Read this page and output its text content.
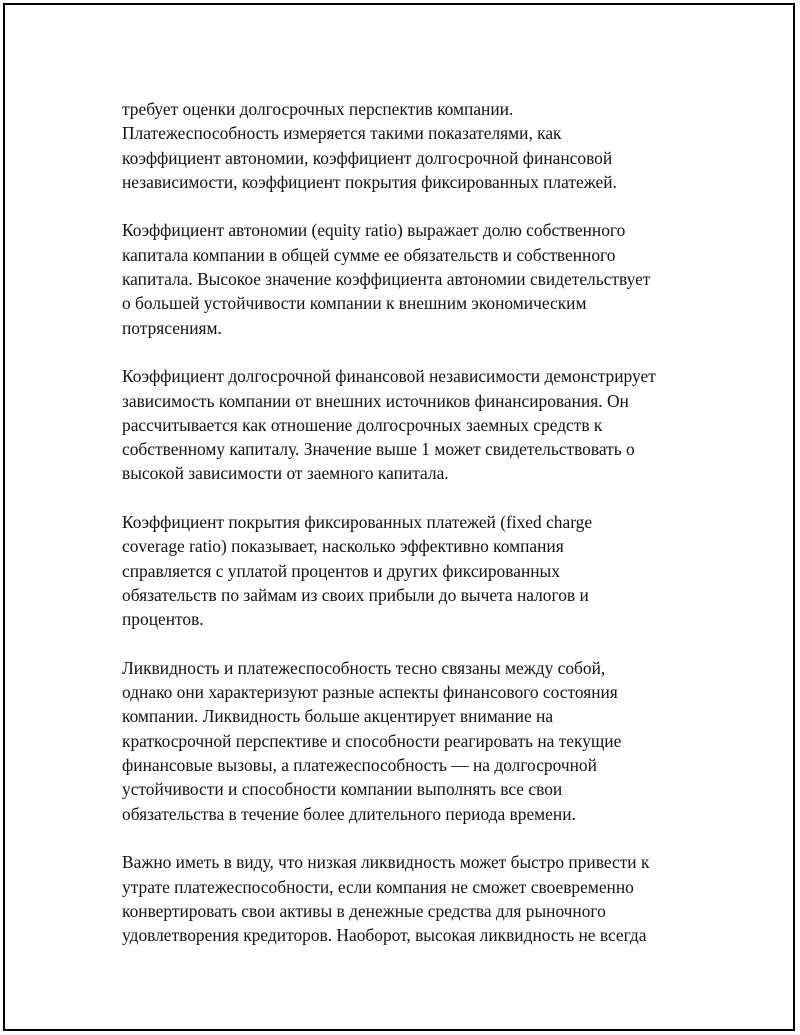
требует оценки долгосрочных перспектив компании.
Платежеспособность измеряется такими показателями, как
коэффициент автономии, коэффициент долгосрочной финансовой
независимости, коэффициент покрытия фиксированных платежей.

Коэффициент автономии (equity ratio) выражает долю собственного
капитала компании в общей сумме ее обязательств и собственного
капитала. Высокое значение коэффициента автономии свидетельствует
о большей устойчивости компании к внешним экономическим
потрясениям.

Коэффициент долгосрочной финансовой независимости демонстрирует
зависимость компании от внешних источников финансирования. Он
рассчитывается как отношение долгосрочных заемных средств к
собственному капиталу. Значение выше 1 может свидетельствовать о
высокой зависимости от заемного капитала.

Коэффициент покрытия фиксированных платежей (fixed charge
coverage ratio) показывает, насколько эффективно компания
справляется с уплатой процентов и других фиксированных
обязательств по займам из своих прибыли до вычета налогов и
процентов.

Ликвидность и платежеспособность тесно связаны между собой,
однако они характеризуют разные аспекты финансового состояния
компании. Ликвидность больше акцентирует внимание на
краткосрочной перспективе и способности реагировать на текущие
финансовые вызовы, а платежеспособность — на долгосрочной
устойчивости и способности компании выполнять все свои
обязательства в течение более длительного периода времени.

Важно иметь в виду, что низкая ликвидность может быстро привести к
утрате платежеспособности, если компания не сможет своевременно
конвертировать свои активы в денежные средства для рыночного
удовлетворения кредиторов. Наоборот, высокая ликвидность не всегда
